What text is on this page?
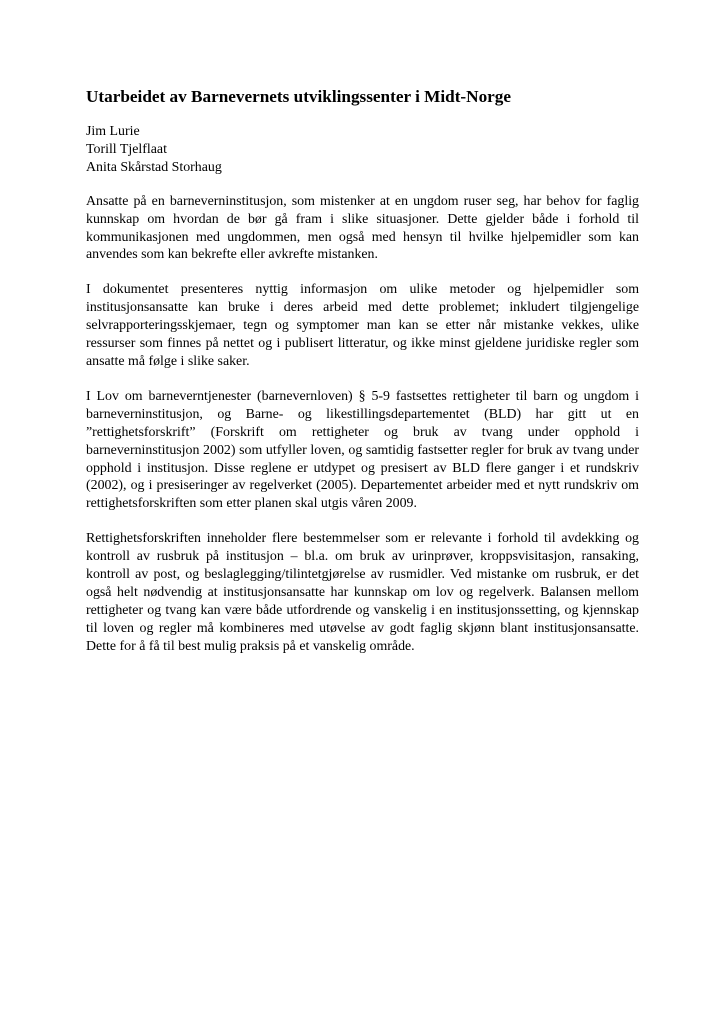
Utarbeidet av Barnevernets utviklingssenter i Midt-Norge
Jim Lurie
Torill Tjelflaat
Anita Skårstad Storhaug

Ansatte på en barneverninstitusjon, som mistenker at en ungdom ruser seg, har behov for faglig kunnskap om hvordan de bør gå fram i slike situasjoner. Dette gjelder både i forhold til kommunikasjonen med ungdommen, men også med hensyn til hvilke hjelpemidler som kan anvendes som kan bekrefte eller avkrefte mistanken.

I dokumentet presenteres nyttig informasjon om ulike metoder og hjelpemidler som institusjonsansatte kan bruke i deres arbeid med dette problemet; inkludert tilgjengelige selvrapporteringsskjemaer, tegn og symptomer man kan se etter når mistanke vekkes, ulike ressurser som finnes på nettet og i publisert litteratur, og ikke minst gjeldene juridiske regler som ansatte må følge i slike saker.

I Lov om barneverntjenester (barnevernloven) § 5-9 fastsettes rettigheter til barn og ungdom i barneverninstitusjon, og Barne- og likestillingsdepartementet (BLD) har gitt ut en ”rettighetsforskrift” (Forskrift om rettigheter og bruk av tvang under opphold i barneverninstitusjon 2002) som utfyller loven, og samtidig fastsetter regler for bruk av tvang under opphold i institusjon. Disse reglene er utdypet og presisert av BLD flere ganger i et rundskriv (2002), og i presiseringer av regelverket (2005). Departementet arbeider med et nytt rundskriv om rettighetsforskriften som etter planen skal utgis våren 2009.

Rettighetsforskriften inneholder flere bestemmelser som er relevante i forhold til avdekking og kontroll av rusbruk på institusjon – bl.a. om bruk av urinprøver, kroppsvisitasjon, ransaking, kontroll av post, og beslaglegging/tilintetgjørelse av rusmidler. Ved mistanke om rusbruk, er det også helt nødvendig at institusjonsansatte har kunnskap om lov og regelverk. Balansen mellom rettigheter og tvang kan være både utfordrende og vanskelig i en institusjonssetting, og kjennskap til loven og regler må kombineres med utøvelse av godt faglig skjønn blant institusjonsansatte. Dette for å få til best mulig praksis på et vanskelig område.
